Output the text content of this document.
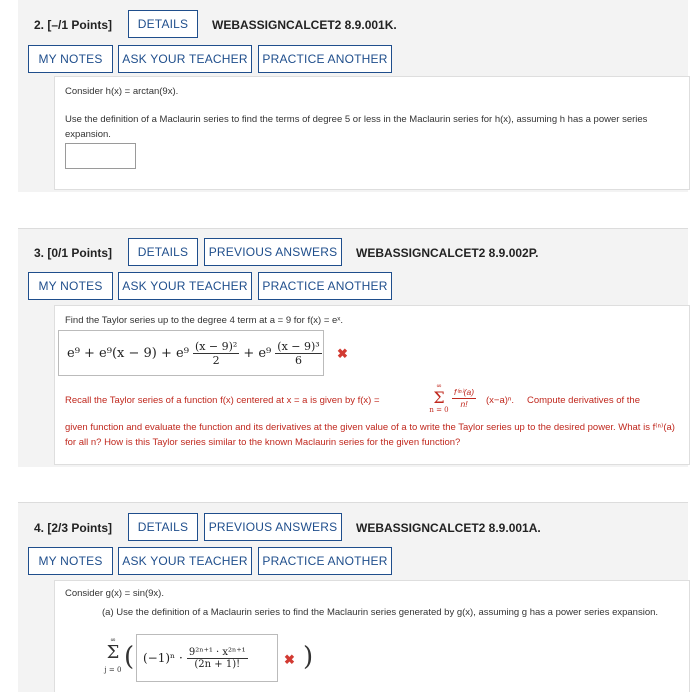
2. [–/1 Points]	DETAILS	WEBASSIGNCALCET2 8.9.001K.
MY NOTES	ASK YOUR TEACHER	PRACTICE ANOTHER
Consider h(x) = arctan(9x).
Use the definition of a Maclaurin series to find the terms of degree 5 or less in the Maclaurin series for h(x), assuming h has a power series expansion.
3. [0/1 Points]	DETAILS	PREVIOUS ANSWERS	WEBASSIGNCALCET2 8.9.002P.
MY NOTES	ASK YOUR TEACHER	PRACTICE ANOTHER
Find the Taylor series up to the degree 4 term at a = 9 for f(x) = eˣ.
$e^9 + e^9(x - 9) + e^9 \frac{\text{(x − 9)²}}{2} + e^9 \frac{\text{(x − 9)³}}{6}$ ✖
Recall the Taylor series of a function f(x) centered at x = a is given by f(x) =
∞
Σ
n = 0
$\frac{\text{f⁽ⁿ⁾(a)}}{n!} (x-a)^n$. Compute derivatives of the
given function and evaluate the function and its derivatives at the given value of a to write the Taylor series up to the desired power. What is f⁽ⁿ⁾(a) for all n? How is this Taylor series similar to the known Maclaurin series for the given function?
4. [2/3 Points]	DETAILS	PREVIOUS ANSWERS	WEBASSIGNCALCET2 8.9.001A.
MY NOTES	ASK YOUR TEACHER	PRACTICE ANOTHER
Consider g(x) = sin(9x).
(a) Use the definition of a Maclaurin series to find the Maclaurin series generated by g(x), assuming g has a power series expansion.
∞
Σ
j = 0 ( $(-1)^n \cdot \frac{\text{9²ⁿ⁺¹ · x²ⁿ⁺¹}}{(2n + 1)!}$	✖ )
